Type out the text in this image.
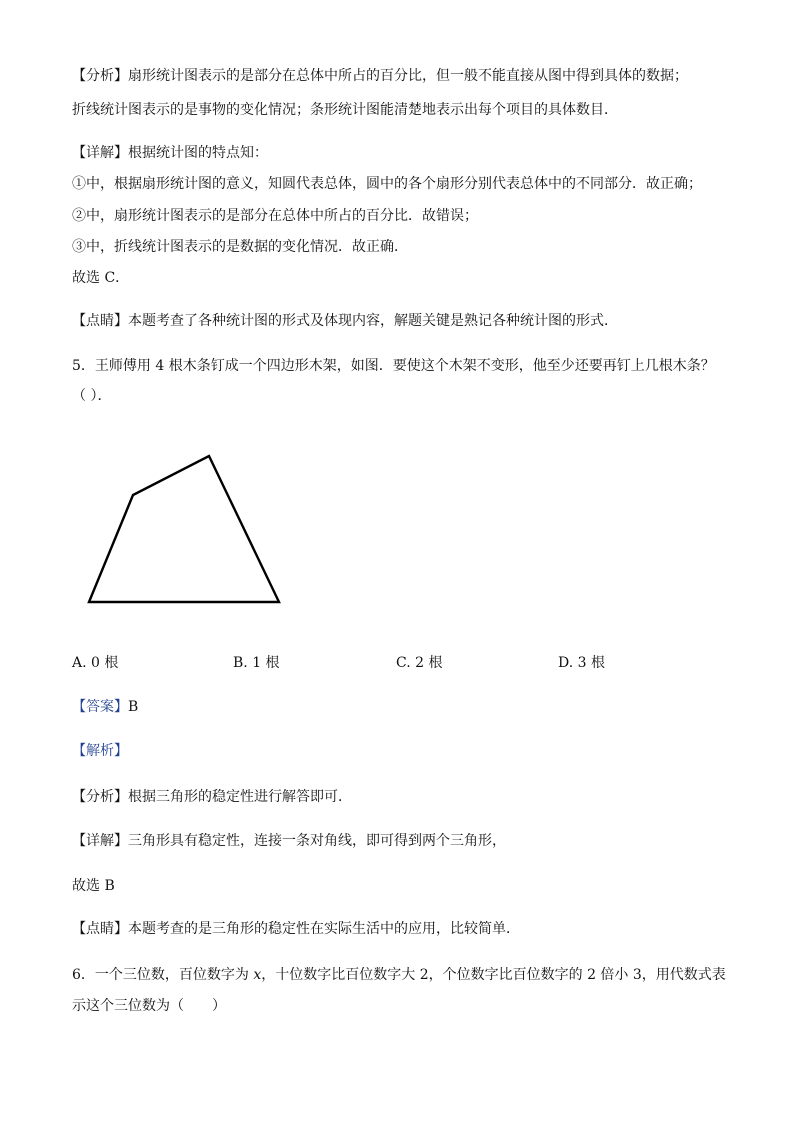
【分析】扇形统计图表示的是部分在总体中所占的百分比，但一般不能直接从图中得到具体的数据；
折线统计图表示的是事物的变化情况；条形统计图能清楚地表示出每个项目的具体数目．
【详解】根据统计图的特点知：
①中，根据扇形统计图的意义，知圆代表总体，圆中的各个扇形分别代表总体中的不同部分．故正确；
②中，扇形统计图表示的是部分在总体中所占的百分比．故错误；
③中，折线统计图表示的是数据的变化情况．故正确．
故选 C．
【点睛】本题考查了各种统计图的形式及体现内容，解题关键是熟记各种统计图的形式．
5．王师傅用 4 根木条钉成一个四边形木架，如图．要使这个木架不变形，他至少还要再钉上几根木条？
（ ）．
A. 0 根	B. 1 根	C. 2 根	D. 3 根
【答案】B
【解析】
【分析】根据三角形的稳定性进行解答即可．
【详解】三角形具有稳定性，连接一条对角线，即可得到两个三角形，
故选 B
【点睛】本题考查的是三角形的稳定性在实际生活中的应用，比较简单．
6．一个三位数，百位数字为 x，十位数字比百位数字大 2，个位数字比百位数字的 2 倍小 3，用代数式表
示这个三位数为（　　）
